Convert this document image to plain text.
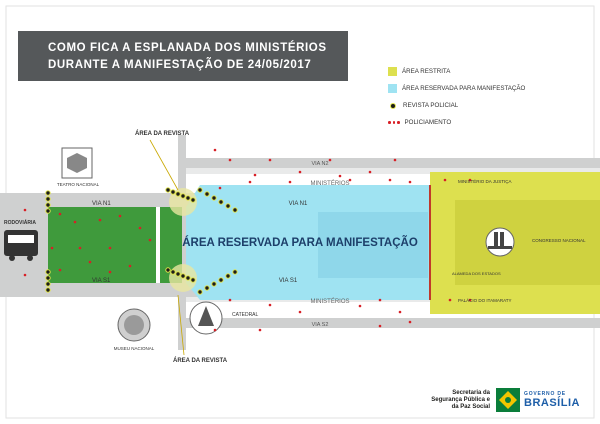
ÁREA RESERVADA PARA MANIFESTAÇÃO
VIA N1
VIA N1
VIA S1
VIA S1
VIA N2
VIA S2
MINISTÉRIOS
MINISTÉRIOS
RODOVIÁRIA
TEATRO NACIONAL
MUSEU NACIONAL
CATEDRAL
ÁREA DA REVISTA
ÁREA DA REVISTA
MINISTÉRIO DA JUSTIÇA
CONGRESSO NACIONAL
ALAMEDA DOS ESTADOS
PALÁCIO DO ITAMARATY
COMO FICA A ESPLANADA DOS MINISTÉRIOS
DURANTE A MANIFESTAÇÃO DE 24/05/2017
ÁREA RESTRITA
ÁREA RESERVADA PARA MANIFESTAÇÃO
REVISTA POLICIAL
POLICIAMENTO
Secretaria da Segurança Pública e da Paz Social
GOVERNO DE
BRASÍLIA
